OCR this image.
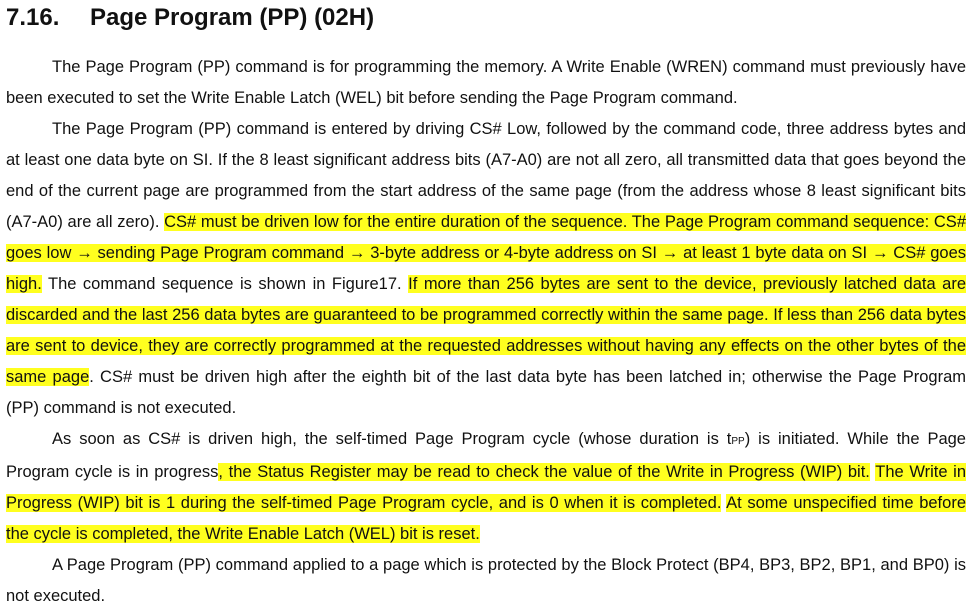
7.16. Page Program (PP) (02H)

The Page Program (PP) command is for programming the memory. A Write Enable (WREN) command must previously have been executed to set the Write Enable Latch (WEL) bit before sending the Page Program command.

The Page Program (PP) command is entered by driving CS# Low, followed by the command code, three address bytes and at least one data byte on SI. If the 8 least significant address bits (A7-A0) are not all zero, all transmitted data that goes beyond the end of the current page are programmed from the start address of the same page (from the address whose 8 least significant bits (A7-A0) are all zero). CS# must be driven low for the entire duration of the sequence. The Page Program command sequence: CS# goes low → sending Page Program command → 3-byte address or 4-byte address on SI → at least 1 byte data on SI → CS# goes high. The command sequence is shown in Figure17. If more than 256 bytes are sent to the device, previously latched data are discarded and the last 256 data bytes are guaranteed to be programmed correctly within the same page. If less than 256 data bytes are sent to device, they are correctly programmed at the requested addresses without having any effects on the other bytes of the same page. CS# must be driven high after the eighth bit of the last data byte has been latched in; otherwise the Page Program (PP) command is not executed.

As soon as CS# is driven high, the self-timed Page Program cycle (whose duration is tPP) is initiated. While the Page Program cycle is in progress, the Status Register may be read to check the value of the Write in Progress (WIP) bit. The Write in Progress (WIP) bit is 1 during the self-timed Page Program cycle, and is 0 when it is completed. At some unspecified time before the cycle is completed, the Write Enable Latch (WEL) bit is reset.

A Page Program (PP) command applied to a page which is protected by the Block Protect (BP4, BP3, BP2, BP1, and BP0) is not executed.
